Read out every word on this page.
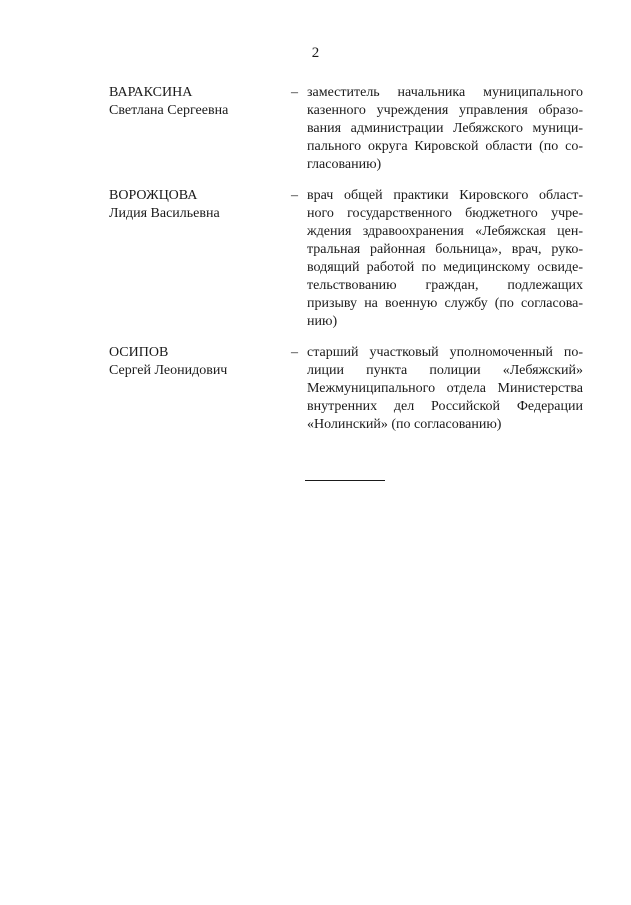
2
ВАРАКСИНА
Светлана Сергеевна
– заместитель начальника муниципального
казенного учреждения управления образо-
вания администрации Лебяжского муници-
пального округа Кировской области (по со-
гласованию)
ВОРОЖЦОВА
Лидия Васильевна
– врач общей практики Кировского област-
ного государственного бюджетного учре-
ждения здравоохранения «Лебяжская цен-
тральная районная больница», врач, руко-
водящий работой по медицинскому освиде-
тельствованию граждан, подлежащих
призыву на военную службу (по согласова-
нию)
ОСИПОВ
Сергей Леонидович
– старший участковый уполномоченный по-
лиции пункта полиции «Лебяжский»
Межмуниципального отдела Министерства
внутренних дел Российской Федерации
«Нолинский» (по согласованию)
